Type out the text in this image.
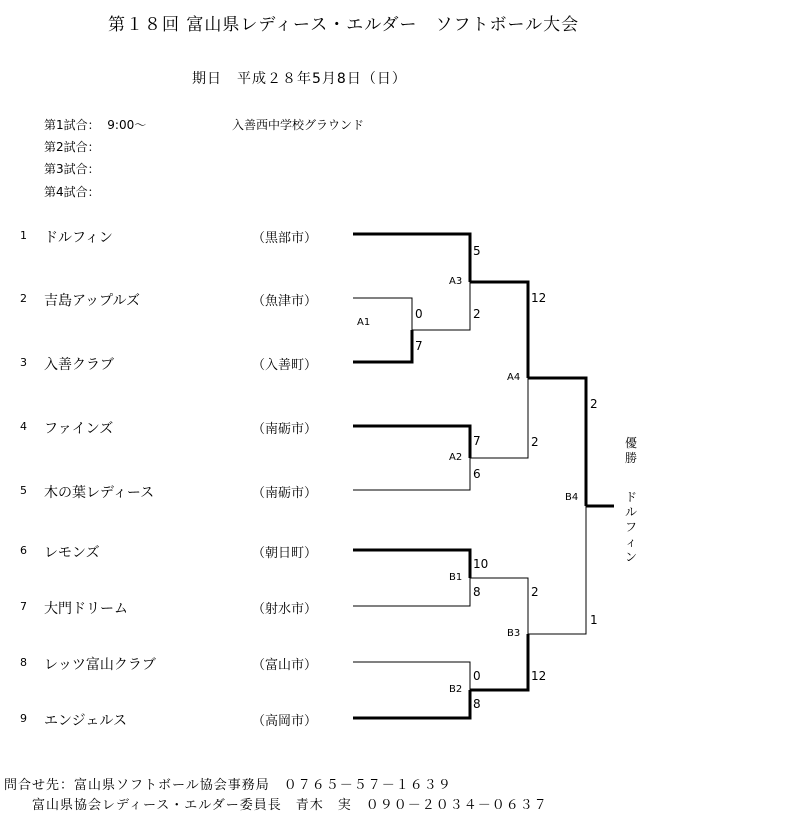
第１８回 富山県レディース・エルダー　ソフトボール大会
期日　平成２８年5月8日（日）
第1試合： 9:00～
第2試合：
第3試合：
第4試合：
入善西中学校グラウンド
1 ドルフィン	（黒部市）
2 吉島アップルズ	（魚津市）
3 入善クラブ	（入善町）
4 ファインズ	（南砺市）
5 木の葉レディース	（南砺市）
6 レモンズ	（朝日町）
7 大門ドリーム	（射水市）
8 レッツ富山クラブ	（富山市）
9 エンジェルス	（高岡市）
A1
0
7
A3
5
2
A2
7
6
A4
12
2
B1
10
8
B2
0
8
B3
2
12
B4
2
1
優勝
ドルフィン
問合せ先：富山県ソフトボール協会事務局　０７６５－５７－１６３９
富山県協会レディース・エルダー委員長　青木　実　０９０－２０３４－０６３７
